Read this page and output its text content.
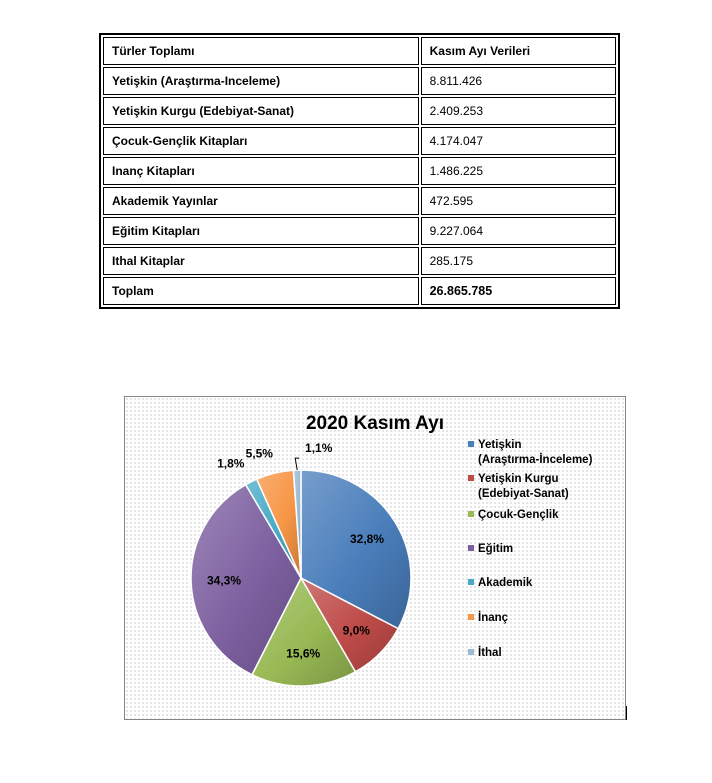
Türler Toplamı	Kasım Ayı Verileri
Yetişkin (Araştırma-Inceleme)	8.811.426
Yetişkin Kurgu (Edebiyat-Sanat)	2.409.253
Çocuk-Gençlik Kitapları	4.174.047
Inanç Kitapları	1.486.225
Akademik Yayınlar	472.595
Eğitim Kitapları	9.227.064
Ithal Kitaplar	285.175
Toplam	26.865.785
2020 Kasım Ayı
32,8%
9,0%
15,6%
34,3%
1,8%
5,5%	1,1%	Yetişkin
(Araştırma-İnceleme)
Yetişkin Kurgu
(Edebiyat-Sanat)
Çocuk-Gençlik
Eğitim
Akademik
İnanç
İthal
